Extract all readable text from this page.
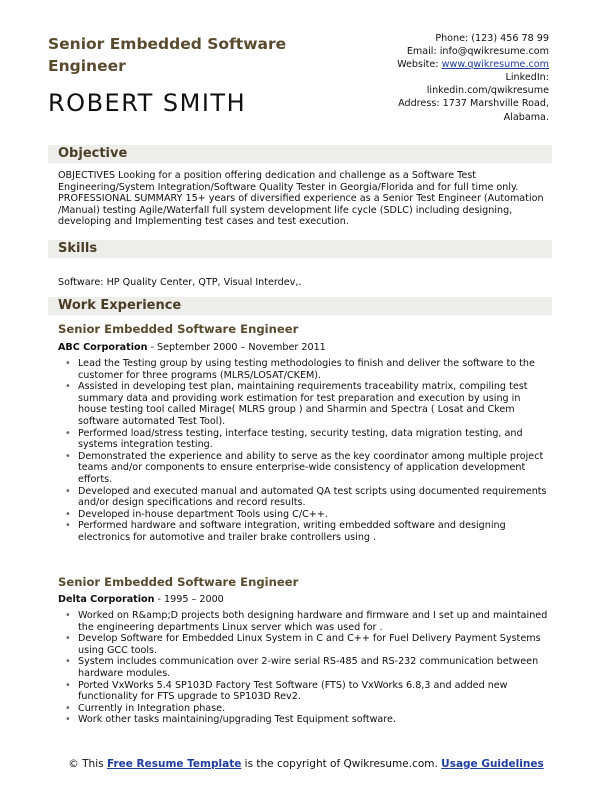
Senior Embedded Software Engineer
ROBERT SMITH
Phone: (123) 456 78 99
Email: info@qwikresume.com
Website: www.qwikresume.com
LinkedIn:
linkedin.com/qwikresume
Address: 1737 Marshville Road,
Alabama.
Objective
OBJECTIVES Looking for a position offering dedication and challenge as a Software Test Engineering/System Integration/Software Quality Tester in Georgia/Florida and for full time only. PROFESSIONAL SUMMARY 15+ years of diversified experience as a Senior Test Engineer (Automation /Manual) testing Agile/Waterfall full system development life cycle (SDLC) including designing, developing and Implementing test cases and test execution.
Skills
Software: HP Quality Center, QTP, Visual Interdev,.
Work Experience
Senior Embedded Software Engineer
ABC Corporation - September 2000 – November 2011
• Lead the Testing group by using testing methodologies to finish and deliver the software to the customer for three programs (MLRS/LOSAT/CKEM).
• Assisted in developing test plan, maintaining requirements traceability matrix, compiling test summary data and providing work estimation for test preparation and execution by using in house testing tool called Mirage( MLRS group ) and Sharmin and Spectra ( Losat and Ckem software automated Test Tool).
• Performed load/stress testing, interface testing, security testing, data migration testing, and systems integration testing.
• Demonstrated the experience and ability to serve as the key coordinator among multiple project teams and/or components to ensure enterprise-wide consistency of application development efforts.
• Developed and executed manual and automated QA test scripts using documented requirements and/or design specifications and record results.
• Developed in-house department Tools using C/C++.
• Performed hardware and software integration, writing embedded software and designing electronics for automotive and trailer brake controllers using .
Senior Embedded Software Engineer
Delta Corporation - 1995 – 2000
• Worked on R&amp;D projects both designing hardware and firmware and I set up and maintained the engineering departments Linux server which was used for .
• Develop Software for Embedded Linux System in C and C++ for Fuel Delivery Payment Systems using GCC tools.
• System includes communication over 2-wire serial RS-485 and RS-232 communication between hardware modules.
• Ported VxWorks 5.4 SP103D Factory Test Software (FTS) to VxWorks 6.8,3 and added new functionality for FTS upgrade to SP103D Rev2.
• Currently in Integration phase.
• Work other tasks maintaining/upgrading Test Equipment software.
© This Free Resume Template is the copyright of Qwikresume.com. Usage Guidelines
